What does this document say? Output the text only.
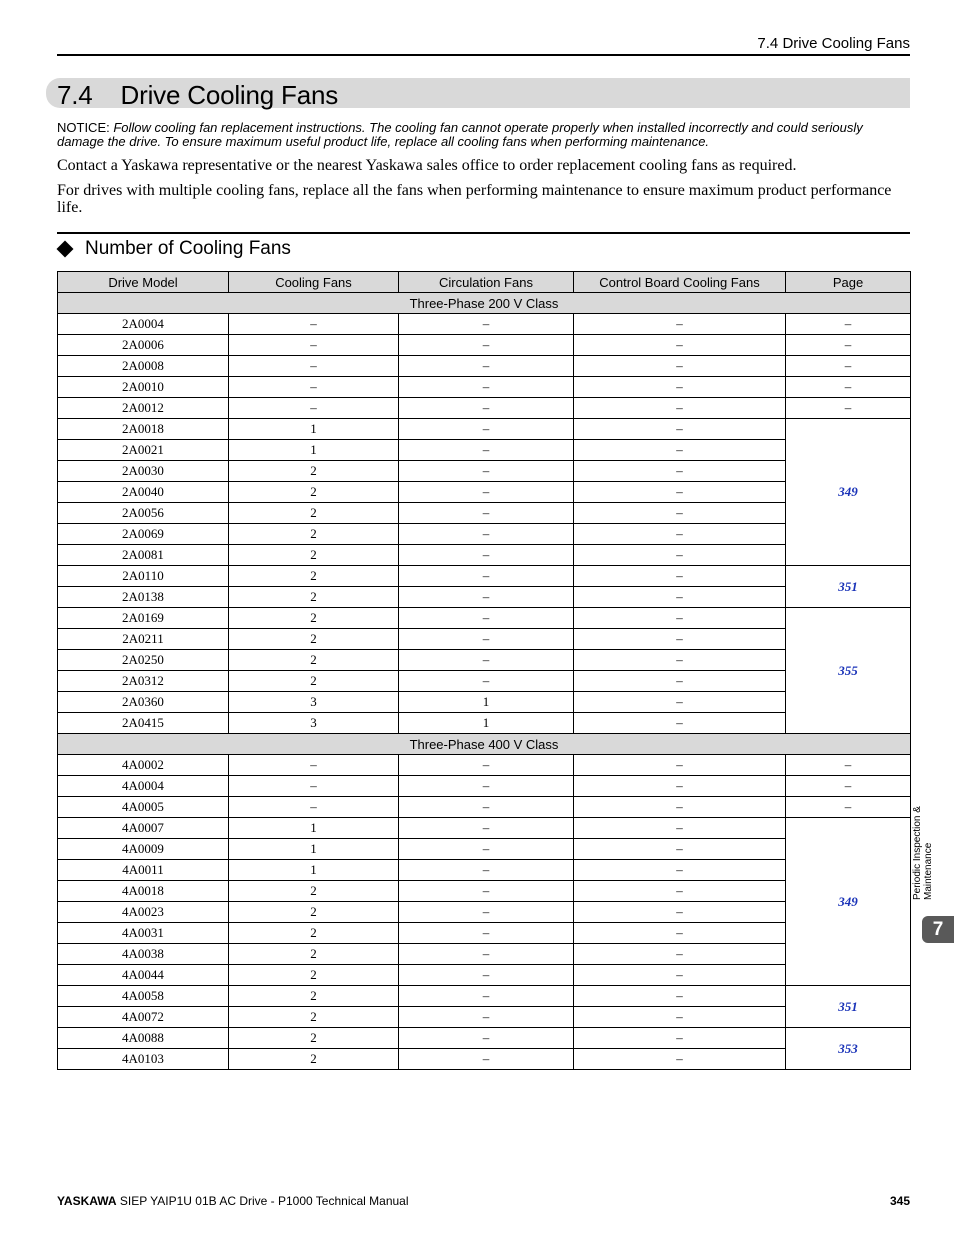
7.4 Drive Cooling Fans
7.4 Drive Cooling Fans

NOTICE: Follow cooling fan replacement instructions. The cooling fan cannot operate properly when installed incorrectly and could seriously damage the drive. To ensure maximum useful product life, replace all cooling fans when performing maintenance.

Contact a Yaskawa representative or the nearest Yaskawa sales office to order replacement cooling fans as required.

For drives with multiple cooling fans, replace all the fans when performing maintenance to ensure maximum product performance life.

Number of Cooling Fans
Drive Model	Cooling Fans	Circulation Fans	Control Board Cooling Fans	Page
Three-Phase 200 V Class				
2A0004	–	–	–	–
2A0006	–	–	–	–
2A0008	–	–	–	–
2A0010	–	–	–	–
2A0012	–	–	–	–
2A0018	1	–	–	349
2A0021	1	–	–	
2A0030	2	–	–	
2A0040	2	–	–	
2A0056	2	–	–	
2A0069	2	–	–	
2A0081	2	–	–	
2A0110	2	–	–	351
2A0138	2	–	–	
2A0169	2	–	–	355
2A0211	2	–	–	
2A0250	2	–	–	
2A0312	2	–	–	
2A0360	3	1	–	
2A0415	3	1	–	
Three-Phase 400 V Class				
4A0002	–	–	–	–
4A0004	–	–	–	–
4A0005	–	–	–	–
4A0007	1	–	–	349
4A0009	1	–	–	
4A0011	1	–	–	
4A0018	2	–	–	
4A0023	2	–	–	
4A0031	2	–	–	
4A0038	2	–	–	
4A0044	2	–	–	
4A0058	2	–	–	351
4A0072	2	–	–	
4A0088	2	–	–	353
4A0103	2	–	–	
Periodic Inspection & Maintenance
7
YASKAWA SIEP YAIP1U 01B AC Drive - P1000 Technical Manual	345
